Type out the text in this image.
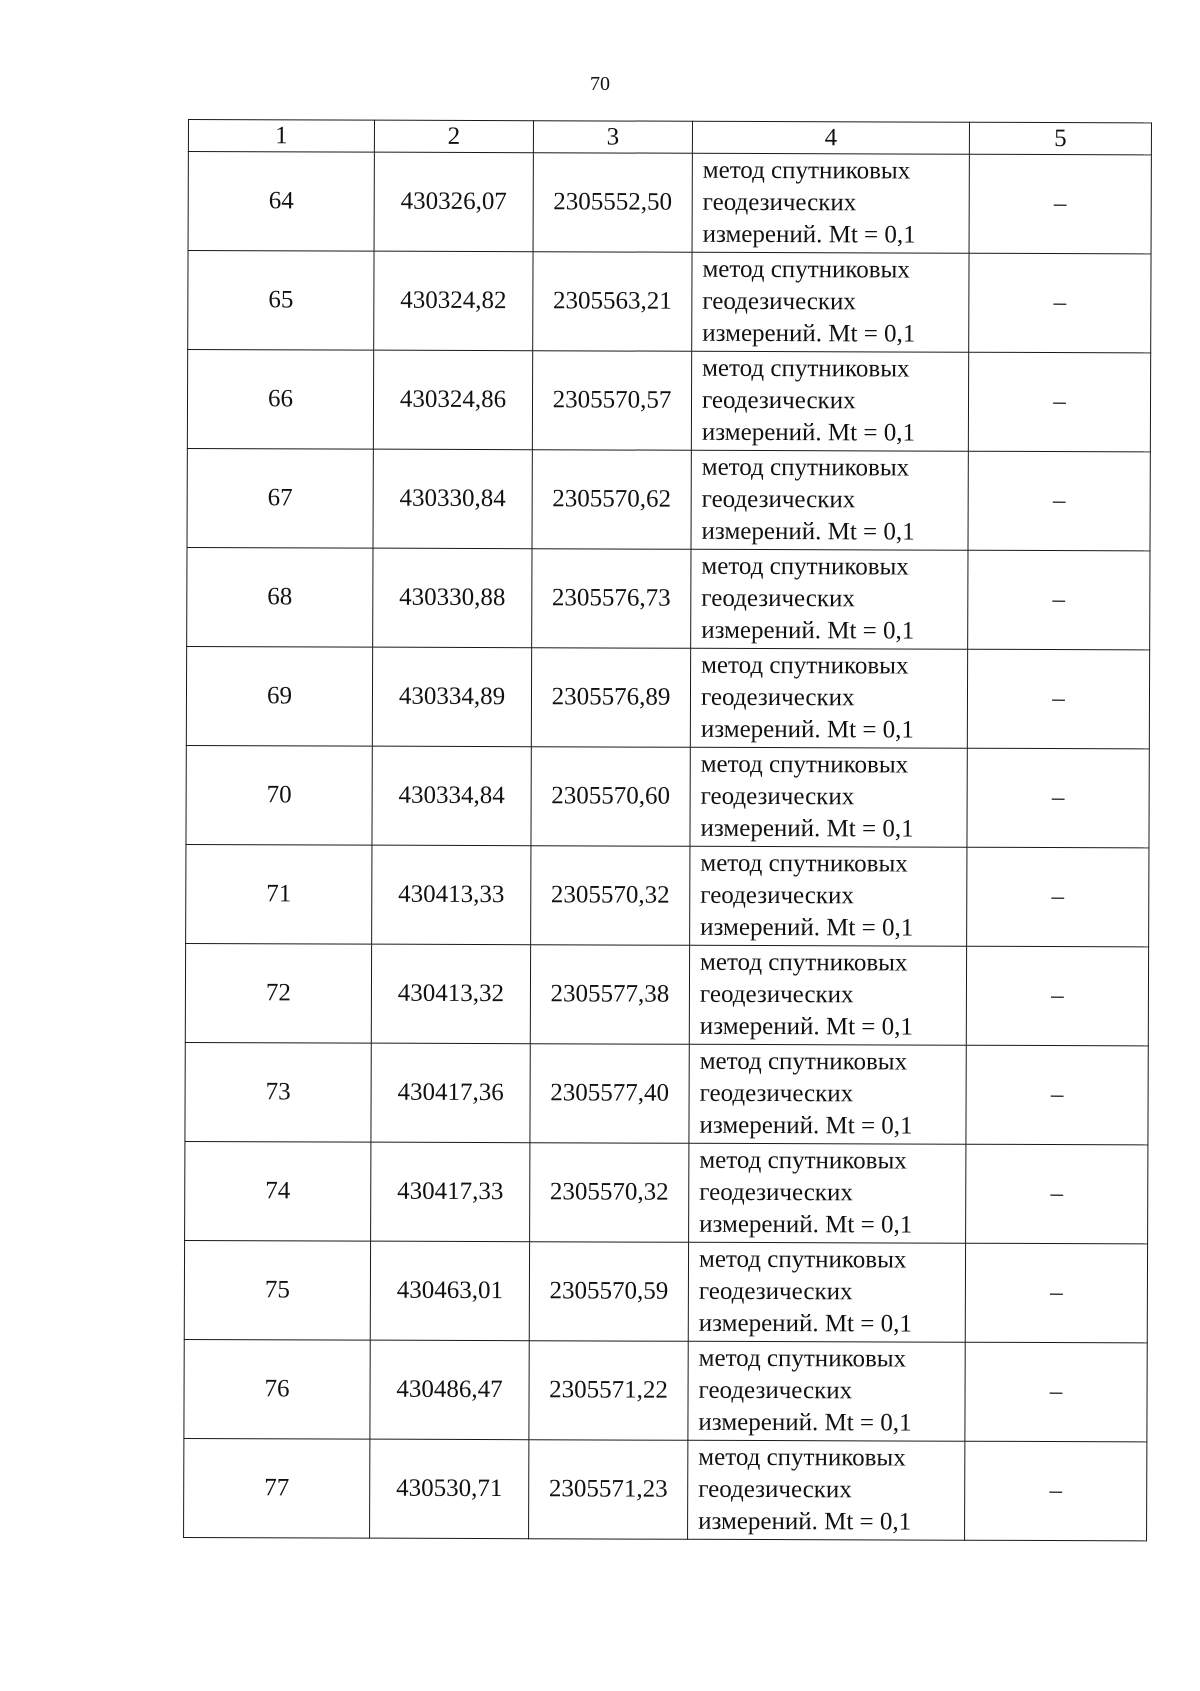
70
1	2	3	4	5
64	430326,07	2305552,50	метод спутниковых
геодезических
измерений. Mt = 0,1	–
65	430324,82	2305563,21	метод спутниковых
геодезических
измерений. Mt = 0,1	–
66	430324,86	2305570,57	метод спутниковых
геодезических
измерений. Mt = 0,1	–
67	430330,84	2305570,62	метод спутниковых
геодезических
измерений. Mt = 0,1	–
68	430330,88	2305576,73	метод спутниковых
геодезических
измерений. Mt = 0,1	–
69	430334,89	2305576,89	метод спутниковых
геодезических
измерений. Mt = 0,1	–
70	430334,84	2305570,60	метод спутниковых
геодезических
измерений. Mt = 0,1	–
71	430413,33	2305570,32	метод спутниковых
геодезических
измерений. Mt = 0,1	–
72	430413,32	2305577,38	метод спутниковых
геодезических
измерений. Mt = 0,1	–
73	430417,36	2305577,40	метод спутниковых
геодезических
измерений. Mt = 0,1	–
74	430417,33	2305570,32	метод спутниковых
геодезических
измерений. Mt = 0,1	–
75	430463,01	2305570,59	метод спутниковых
геодезических
измерений. Mt = 0,1	–
76	430486,47	2305571,22	метод спутниковых
геодезических
измерений. Mt = 0,1	–
77	430530,71	2305571,23	метод спутниковых
геодезических
измерений. Mt = 0,1	–
